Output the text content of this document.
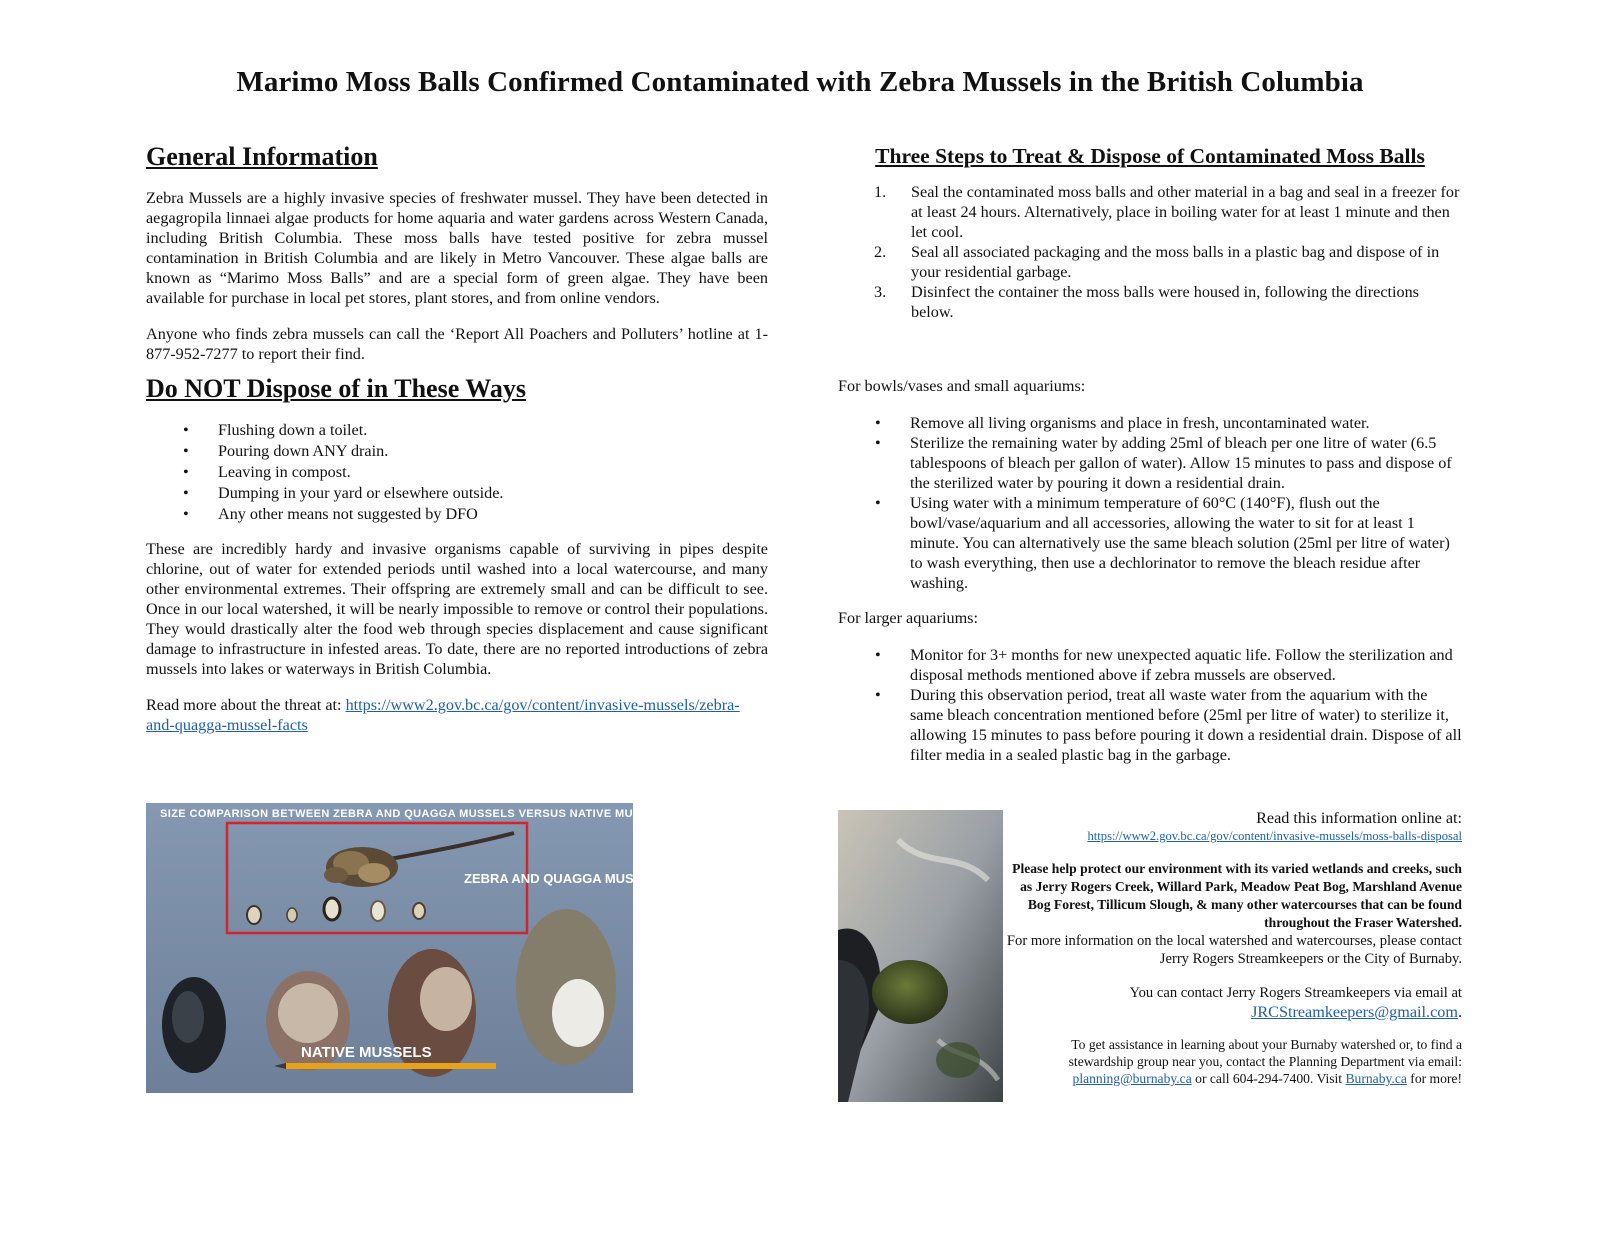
Marimo Moss Balls Confirmed Contaminated with Zebra Mussels in the British Columbia
General Information

Zebra Mussels are a highly invasive species of freshwater mussel. They have been detected in aegagropila linnaei algae products for home aquaria and water gardens across Western Canada, including British Columbia. These moss balls have tested positive for zebra mussel contamination in British Columbia and are likely in Metro Vancouver. These algae balls are known as “Marimo Moss Balls” and are a special form of green algae. They have been available for purchase in local pet stores, plant stores, and from online vendors.

Anyone who finds zebra mussels can call the ‘Report All Poachers and Polluters’ hotline at 1-877-952-7277 to report their find.

Do NOT Dispose of in These Ways
• Flushing down a toilet.
• Pouring down ANY drain.
• Leaving in compost.
• Dumping in your yard or elsewhere outside.
• Any other means not suggested by DFO

These are incredibly hardy and invasive organisms capable of surviving in pipes despite chlorine, out of water for extended periods until washed into a local watercourse, and many other environmental extremes. Their offspring are extremely small and can be difficult to see. Once in our local watershed, it will be nearly impossible to remove or control their populations. They would drastically alter the food web through species displacement and cause significant damage to infrastructure in infested areas. To date, there are no reported introductions of zebra mussels into lakes or waterways in British Columbia.

Read more about the threat at: https://www2.gov.bc.ca/gov/content/invasive-mussels/zebra-and-quagga-mussel-facts

SIZE COMPARISON BETWEEN ZEBRA AND QUAGGA MUSSELS VERSUS NATIVE MUSSELS:
ZEBRA AND QUAGGA MUSSELS
NATIVE MUSSELS
Three Steps to Treat & Dispose of Contaminated Moss Balls
1. Seal the contaminated moss balls and other material in a bag and seal in a freezer for at least 24 hours. Alternatively, place in boiling water for at least 1 minute and then let cool.
2. Seal all associated packaging and the moss balls in a plastic bag and dispose of in your residential garbage.
3. Disinfect the container the moss balls were housed in, following the directions below.

For bowls/vases and small aquariums:

• Remove all living organisms and place in fresh, uncontaminated water.
• Sterilize the remaining water by adding 25ml of bleach per one litre of water (6.5 tablespoons of bleach per gallon of water). Allow 15 minutes to pass and dispose of the sterilized water by pouring it down a residential drain.
• Using water with a minimum temperature of 60°C (140°F), flush out the bowl/vase/aquarium and all accessories, allowing the water to sit for at least 1 minute. You can alternatively use the same bleach solution (25ml per litre of water) to wash everything, then use a dechlorinator to remove the bleach residue after washing.

For larger aquariums:

• Monitor for 3+ months for new unexpected aquatic life. Follow the sterilization and disposal methods mentioned above if zebra mussels are observed.
• During this observation period, treat all waste water from the aquarium with the same bleach concentration mentioned before (25ml per litre of water) to sterilize it, allowing 15 minutes to pass before pouring it down a residential drain. Dispose of all filter media in a sealed plastic bag in the garbage.

Read this information online at:

https://www2.gov.bc.ca/gov/content/invasive-mussels/moss-balls-disposal

Please help protect our environment with its varied wetlands and creeks, such as Jerry Rogers Creek, Willard Park, Meadow Peat Bog, Marshland Avenue Bog Forest, Tillicum Slough, & many other watercourses that can be found throughout the Fraser Watershed.

For more information on the local watershed and watercourses, please contact Jerry Rogers Streamkeepers or the City of Burnaby.

You can contact Jerry Rogers Streamkeepers via email at

JRCStreamkeepers@gmail.com.

To get assistance in learning about your Burnaby watershed or, to find a stewardship group near you, contact the Planning Department via email:

planning@burnaby.ca or call 604-294-7400. Visit Burnaby.ca for more!
